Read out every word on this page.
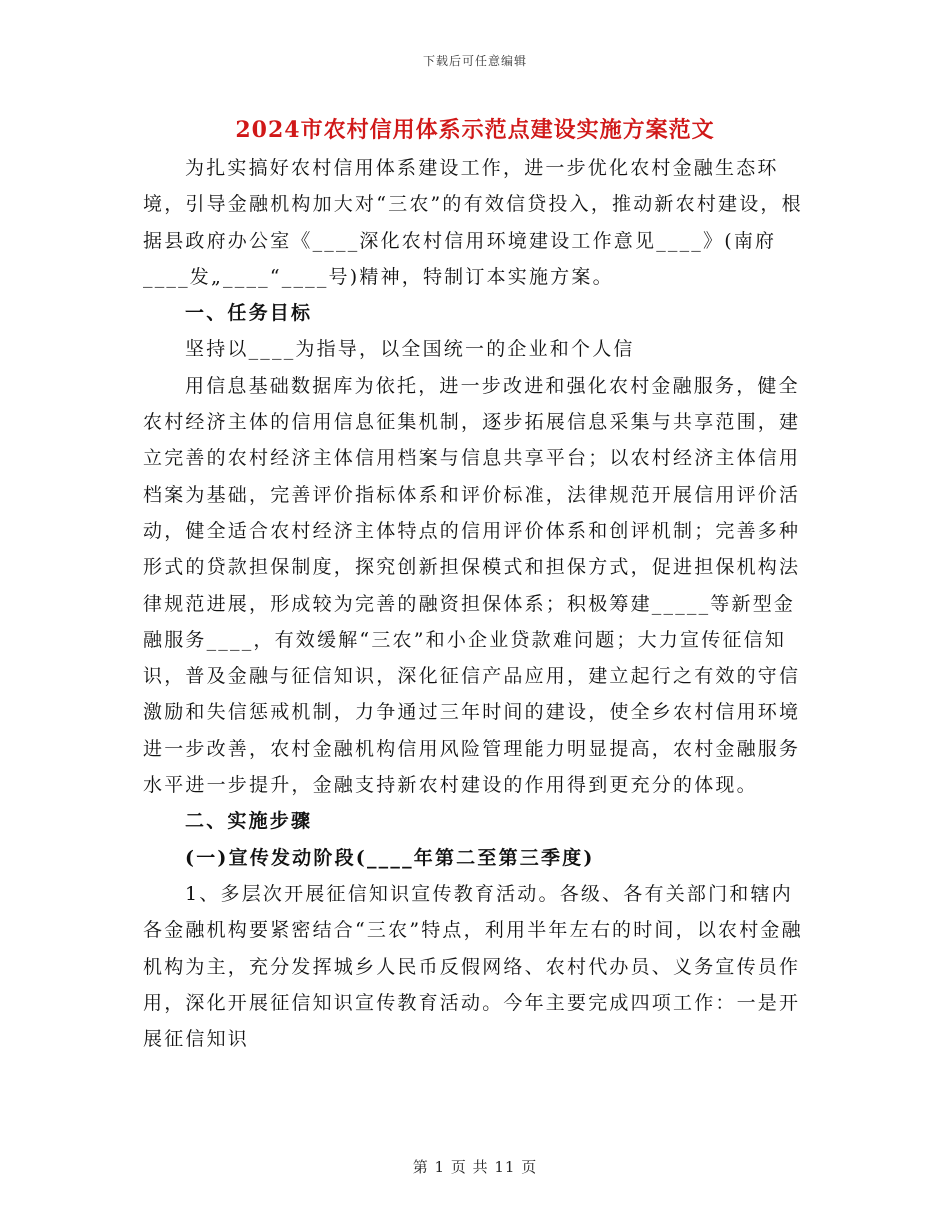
下载后可任意编辑
2024市农村信用体系示范点建设实施方案范文

为扎实搞好农村信用体系建设工作，进一步优化农村金融生态环境，引导金融机构加大对“三农”的有效信贷投入，推动新农村建设，根据县政府办公室《____深化农村信用环境建设工作意见____》(南府____发„____“____号)精神，特制订本实施方案。

一、任务目标

坚持以____为指导，以全国统一的企业和个人信

用信息基础数据库为依托，进一步改进和强化农村金融服务，健全农村经济主体的信用信息征集机制，逐步拓展信息采集与共享范围，建立完善的农村经济主体信用档案与信息共享平台；以农村经济主体信用档案为基础，完善评价指标体系和评价标准，法律规范开展信用评价活动，健全适合农村经济主体特点的信用评价体系和创评机制；完善多种形式的贷款担保制度，探究创新担保模式和担保方式，促进担保机构法律规范进展，形成较为完善的融资担保体系；积极筹建_____等新型金融服务____，有效缓解“三农”和小企业贷款难问题；大力宣传征信知识，普及金融与征信知识，深化征信产品应用，建立起行之有效的守信激励和失信惩戒机制，力争通过三年时间的建设，使全乡农村信用环境进一步改善，农村金融机构信用风险管理能力明显提高，农村金融服务水平进一步提升，金融支持新农村建设的作用得到更充分的体现。

二、实施步骤

(一)宣传发动阶段(____年第二至第三季度)

1、多层次开展征信知识宣传教育活动。各级、各有关部门和辖内各金融机构要紧密结合“三农”特点，利用半年左右的时间，以农村金融机构为主，充分发挥城乡人民币反假网络、农村代办员、义务宣传员作用，深化开展征信知识宣传教育活动。今年主要完成四项工作：一是开展征信知识

第 1 页 共 11 页
